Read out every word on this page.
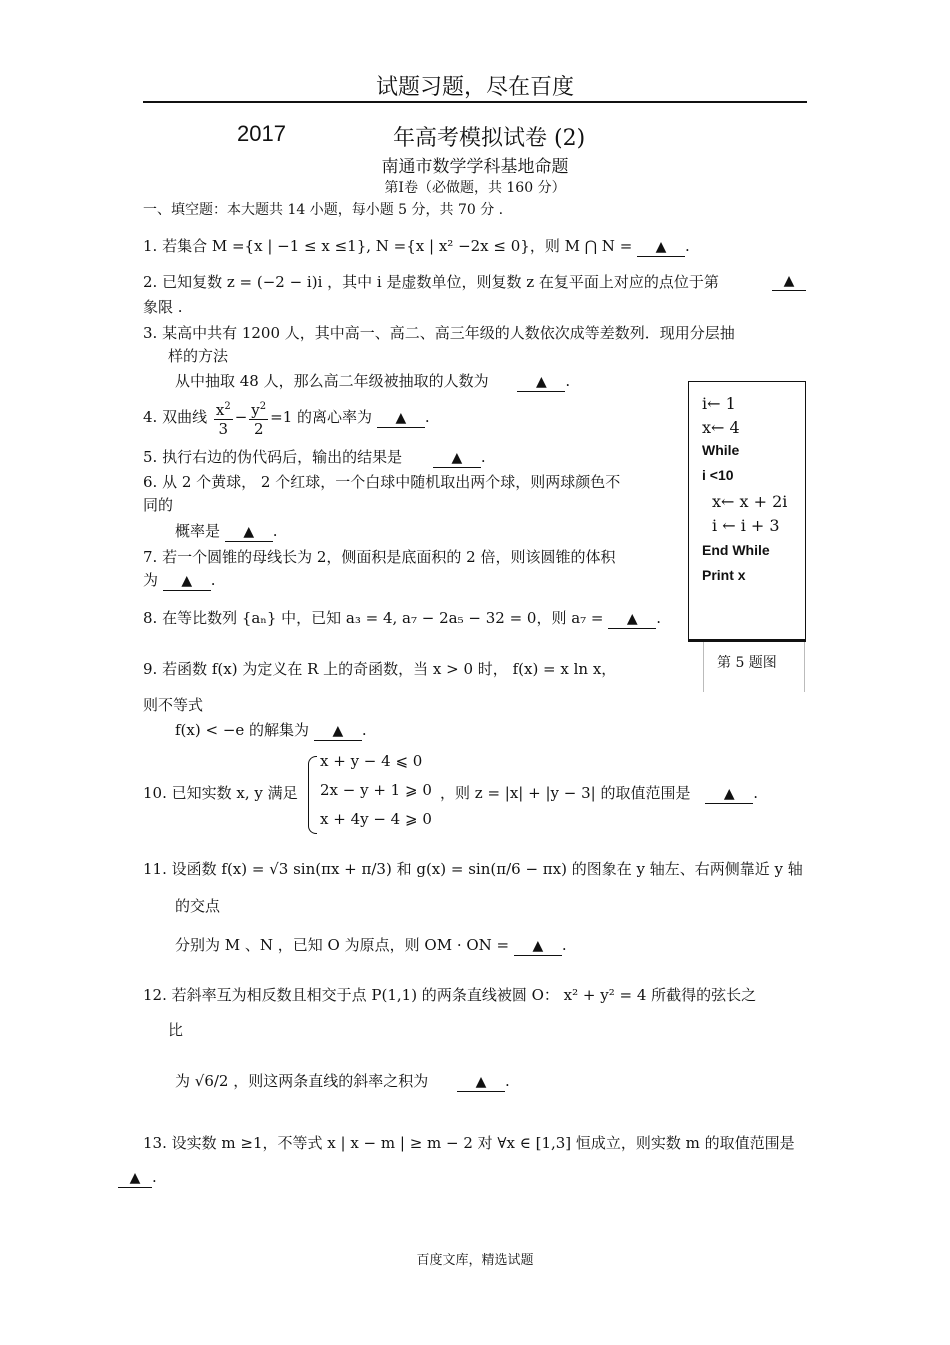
试题习题，尽在百度
2017	年高考模拟试卷 (2)
南通市数学学科基地命题
第Ⅰ卷（必做题，共 160 分）
一、填空题：本大题共 14 小题，每小题 5 分，共 70 分 .
1. 若集合 M ={x | −1 ≤ x ≤1}, N ={x | x² −2x ≤ 0}，则 M ⋂ N = ▲ .
2. 已知复数 z = (−2 − i)i ，其中 i 是虚数单位，则复数 z 在复平面上对应的点位于第	▲
象限 .
3. 某高中共有 1200 人，其中高一、高二、高三年级的人数依次成等差数列．现用分层抽
样的方法
从中抽取 48 人，那么高二年级被抽取的人数为	▲ .
4. 双曲线 $\frac{x^2}{3} - \frac{y^2}{2} =1$ 的离心率为 ▲ .
5. 执行右边的伪代码后，输出的结果是	▲ .
6. 从 2 个黄球， 2 个红球，一个白球中随机取出两个球，则两球颜色不
同的
概率是 ▲ .
7. 若一个圆锥的母线长为 2，侧面积是底面积的 2 倍，则该圆锥的体积
为 ▲ .
8. 在等比数列 {aₙ} 中，已知 a₃ = 4, a₇ − 2a₅ − 32 = 0，则 a₇ = ▲ .
i← 1
x← 4
While
i <10
x← x + 2i
i ← i + 3
End While
Print x
第 5 题图
9. 若函数 f(x) 为定义在 R 上的奇函数，当 x > 0 时， f(x) = x ln x，
则不等式
f(x) < −e 的解集为 ▲ .
10. 已知实数 x, y 满足
x + y − 4 ⩽ 0
2x − y + 1 ⩾ 0
x + 4y − 4 ⩾ 0
，则 z = |x| + |y − 3| 的取值范围是 ▲ .
11. 设函数 f(x) = √3 sin(πx + π/3) 和 g(x) = sin(π/6 − πx) 的图象在 y 轴左、右两侧靠近 y 轴
的交点
分别为 M 、N ，已知 O 为原点，则 OM · ON = ▲ .
12. 若斜率互为相反数且相交于点 P(1,1) 的两条直线被圆 O： x² + y² = 4 所截得的弦长之
比
为 √6/2 ，则这两条直线的斜率之积为	▲ .
13. 设实数 m ≥1，不等式 x | x − m | ≥ m − 2 对 ∀x ∈ [1,3] 恒成立，则实数 m 的取值范围是
▲ .
百度文库，精选试题
